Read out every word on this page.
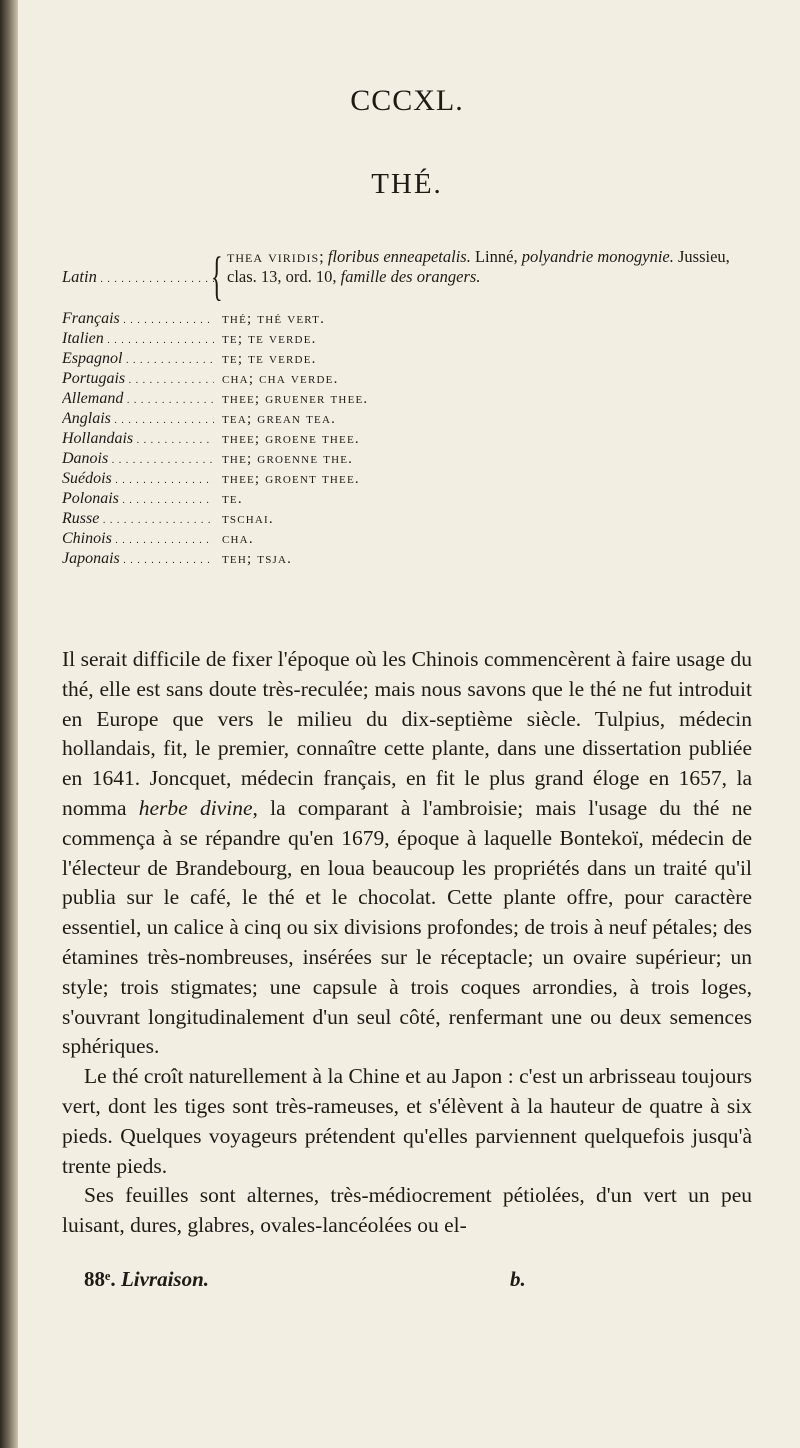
CCCXL.
THÉ.
Latin . . .	{ thea viridis; floribus enneapetalis. Linné, polyandrie monogynie. Jussieu, clas. 13, ord. 10, famille des orangers.
Français . . .	thé; thé vert.
Italien . . .	te; te verde.
Espagnol . . .	te; te verde.
Portugais . . .	cha; cha verde.
Allemand . . .	thee; gruener thee.
Anglais . . .	tea; grean tea.
Hollandais . . .	thee; groene thee.
Danois . . .	the; groenne the.
Suédois . . .	thee; groent thee.
Polonais . . .	te.
Russe . . .	tschai.
Chinois . . .	cha.
Japonais . . .	teh; tsja.

Il serait difficile de fixer l'époque où les Chinois commencèrent à faire usage du thé, elle est sans doute très-reculée; mais nous savons que le thé ne fut introduit en Europe que vers le milieu du dix-septième siècle. Tulpius, médecin hollandais, fit, le premier, connaître cette plante, dans une dissertation publiée en 1641. Joncquet, médecin français, en fit le plus grand éloge en 1657, la nomma herbe divine, la comparant à l'ambroisie; mais l'usage du thé ne commença à se répandre qu'en 1679, époque à laquelle Bontekoï, médecin de l'électeur de Brandebourg, en loua beaucoup les propriétés dans un traité qu'il publia sur le café, le thé et le chocolat. Cette plante offre, pour caractère essentiel, un calice à cinq ou six divisions profondes; de trois à neuf pétales; des étamines très-nombreuses, insérées sur le réceptacle; un ovaire supérieur; un style; trois stigmates; une capsule à trois coques arrondies, à trois loges, s'ouvrant longitudinalement d'un seul côté, renfermant une ou deux semences sphériques.

Le thé croît naturellement à la Chine et au Japon : c'est un arbrisseau toujours vert, dont les tiges sont très-rameuses, et s'élèvent à la hauteur de quatre à six pieds. Quelques voyageurs prétendent qu'elles parviennent quelquefois jusqu'à trente pieds.

Ses feuilles sont alternes, très-médiocrement pétiolées, d'un vert un peu luisant, dures, glabres, ovales-lancéolées ou el-

88ᵉ. Livraison.	b.
